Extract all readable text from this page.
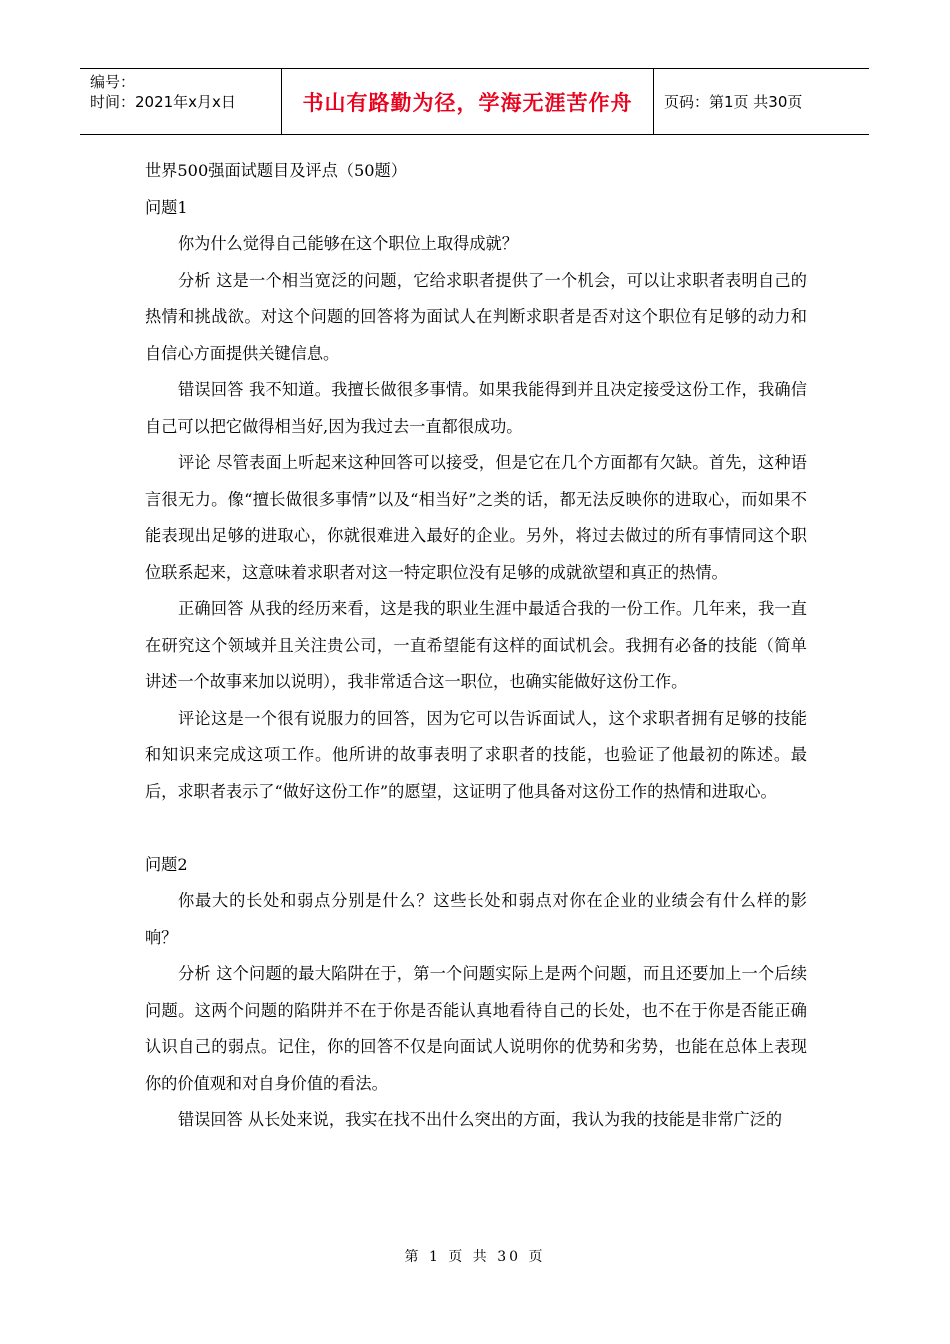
编号：
时间：2021年x月x日	书山有路勤为径，学海无涯苦作舟	页码：第1页 共30页

世界500强面试题目及评点（50题）

问题1

你为什么觉得自己能够在这个职位上取得成就？

分析 这是一个相当宽泛的问题，它给求职者提供了一个机会，可以让求职者表明自己的热情和挑战欲。对这个问题的回答将为面试人在判断求职者是否对这个职位有足够的动力和自信心方面提供关键信息。

错误回答 我不知道。我擅长做很多事情。如果我能得到并且决定接受这份工作，我确信自己可以把它做得相当好,因为我过去一直都很成功。

评论 尽管表面上听起来这种回答可以接受，但是它在几个方面都有欠缺。首先，这种语言很无力。像“擅长做很多事情”以及“相当好”之类的话，都无法反映你的进取心，而如果不能表现出足够的进取心，你就很难进入最好的企业。另外，将过去做过的所有事情同这个职位联系起来，这意味着求职者对这一特定职位没有足够的成就欲望和真正的热情。

正确回答 从我的经历来看，这是我的职业生涯中最适合我的一份工作。几年来，我一直在研究这个领域并且关注贵公司，一直希望能有这样的面试机会。我拥有必备的技能（简单讲述一个故事来加以说明），我非常适合这一职位，也确实能做好这份工作。

评论这是一个很有说服力的回答，因为它可以告诉面试人，这个求职者拥有足够的技能和知识来完成这项工作。他所讲的故事表明了求职者的技能，也验证了他最初的陈述。最后，求职者表示了“做好这份工作”的愿望，这证明了他具备对这份工作的热情和进取心。

问题2

你最大的长处和弱点分别是什么？这些长处和弱点对你在企业的业绩会有什么样的影响？

分析 这个问题的最大陷阱在于，第一个问题实际上是两个问题，而且还要加上一个后续问题。这两个问题的陷阱并不在于你是否能认真地看待自己的长处，也不在于你是否能正确认识自己的弱点。记住，你的回答不仅是向面试人说明你的优势和劣势，也能在总体上表现你的价值观和对自身价值的看法。

错误回答 从长处来说，我实在找不出什么突出的方面，我认为我的技能是非常广泛的

第 1 页 共 30 页
